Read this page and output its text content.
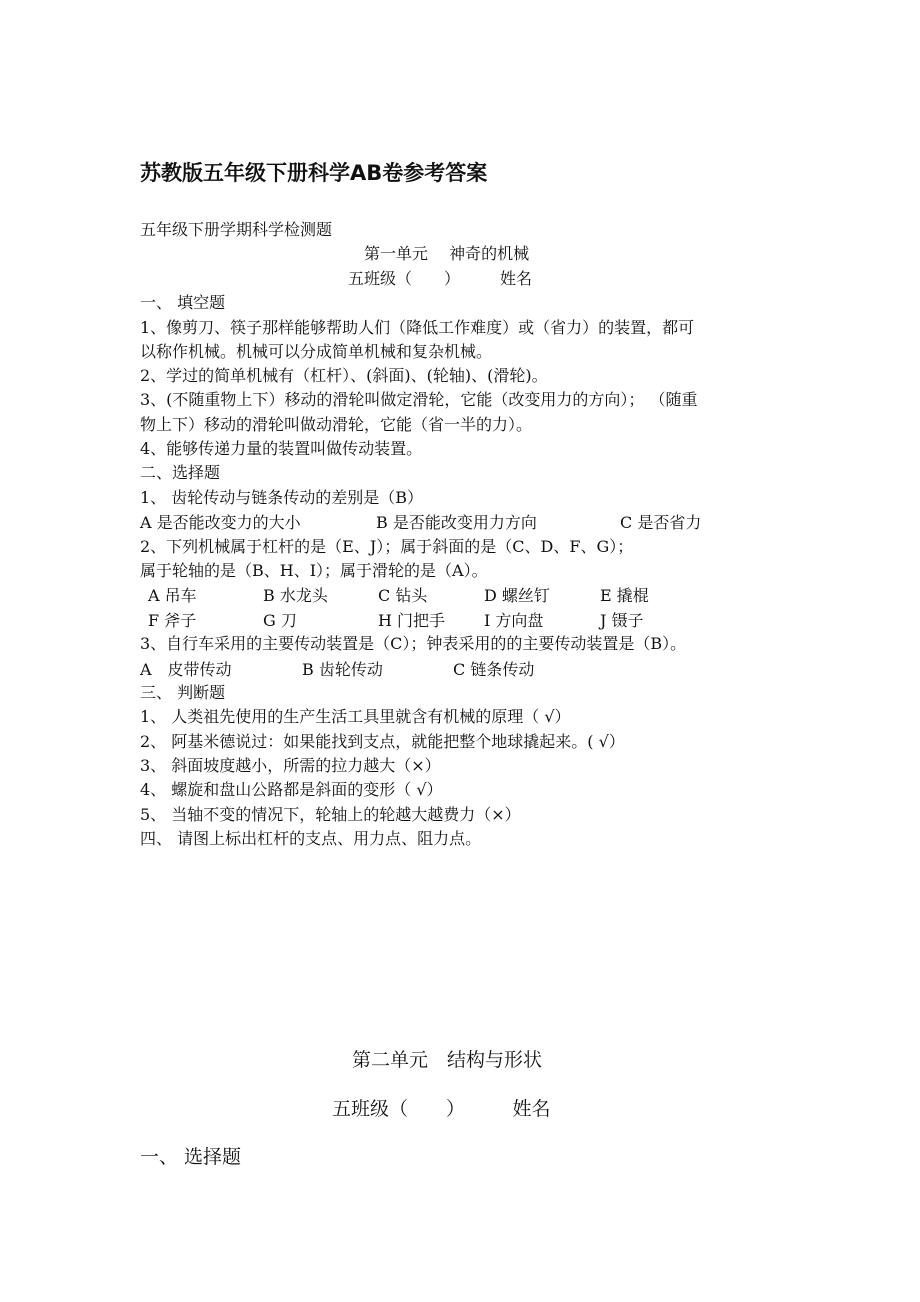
苏教版五年级下册科学AB卷参考答案

五年级下册学期科学检测题

第一单元　 神奇的机械

五班级（　　）　　　姓名

一、 填空题

1、像剪刀、筷子那样能够帮助人们（降低工作难度）或（省力）的装置，都可

以称作机械。机械可以分成简单机械和复杂机械。

2、学过的简单机械有（杠杆）、(斜面)、(轮轴)、(滑轮)。

3、(不随重物上下）移动的滑轮叫做定滑轮，它能（改变用力的方向）； （随重

物上下）移动的滑轮叫做动滑轮，它能（省一半的力）。

4、能够传递力量的装置叫做传动装置。

二、选择题

1、 齿轮传动与链条传动的差别是（B）

A 是否能改变力的大小	B 是否能改变用力方向	C 是否省力

2、下列机械属于杠杆的是（E、J）；属于斜面的是（C、D、F、G）；

属于轮轴的是（B、H、I）；属于滑轮的是（A）。

A 吊车	B 水龙头	C 钻头	D 螺丝钉	E 撬棍
F 斧子	G 刀	H 门把手 I 方向盘	J 镊子

3、自行车采用的主要传动装置是（C）；钟表采用的的主要传动装置是（B）。

A　皮带传动	B 齿轮传动	C 链条传动

三、 判断题

1、 人类祖先使用的生产生活工具里就含有机械的原理（ √）

2、 阿基米德说过：如果能找到支点，就能把整个地球撬起来。( √）

3、 斜面坡度越小，所需的拉力越大（×）

4、 螺旋和盘山公路都是斜面的变形（ √）

5、 当轴不变的情况下，轮轴上的轮越大越费力（×）

四、 请图上标出杠杆的支点、用力点、阻力点。

第二单元　结构与形状

五班级（　　）　　　姓名

一、 选择题
